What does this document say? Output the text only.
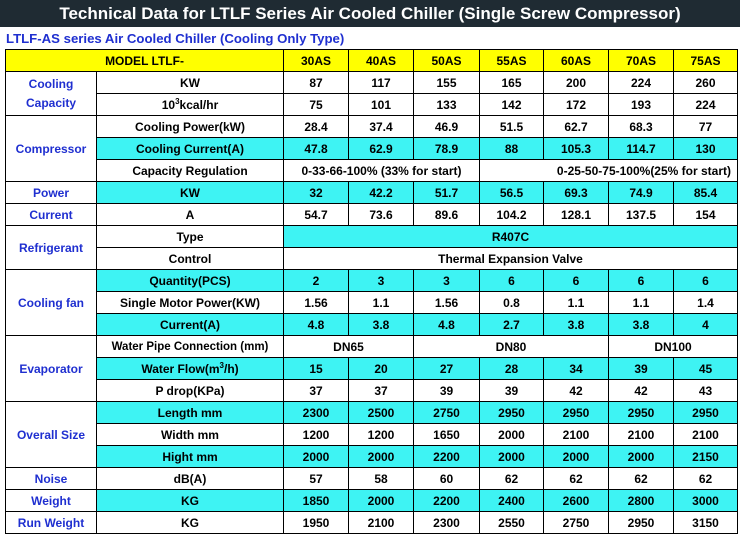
Technical Data for LTLF Series Air Cooled Chiller (Single Screw Compressor)
LTLF-AS series Air Cooled Chiller (Cooling Only Type)
MODEL LTLF-		30AS	40AS	50AS	55AS	60AS	70AS	75AS
Cooling Capacity	KW	87	117	155	165	200	224	260
	$10^3kcal/hr$	75	101	133	142	172	193	224
Compressor	Cooling Power(kW)	28.4	37.4	46.9	51.5	62.7	68.3	77
	Cooling Current(A)	47.8	62.9	78.9	88	105.3	114.7	130
	Capacity Regulation	0-33-66-100% (33% for start)			0-25-50-75-100%(25% for start)			
Power	KW	32	42.2	51.7	56.5	69.3	74.9	85.4
Current	A	54.7	73.6	89.6	104.2	128.1	137.5	154
Refrigerant	Type	R407C						
	Control	Thermal Expansion Valve						
Cooling fan	Quantity(PCS)	2	3	3	6	6	6	6
	Single Motor Power(KW)	1.56	1.1	1.56	0.8	1.1	1.1	1.4
	Current(A)	4.8	3.8	4.8	2.7	3.8	3.8	4
Evaporator	Water Pipe Connection (mm)	DN65		DN80			DN100	
	Water $Flow(m^3/h)$	15	20	27	28	34	39	45
	P drop(KPa)	37	37	39	39	42	42	43
Overall Size	Length mm	2300	2500	2750	2950	2950	2950	2950
	Width mm	1200	1200	1650	2000	2100	2100	2100
	Hight mm	2000	2000	2200	2000	2000	2000	2150
Noise	dB(A)	57	58	60	62	62	62	62
Weight	KG	1850	2000	2200	2400	2600	2800	3000
Run Weight	KG	1950	2100	2300	2550	2750	2950	3150
